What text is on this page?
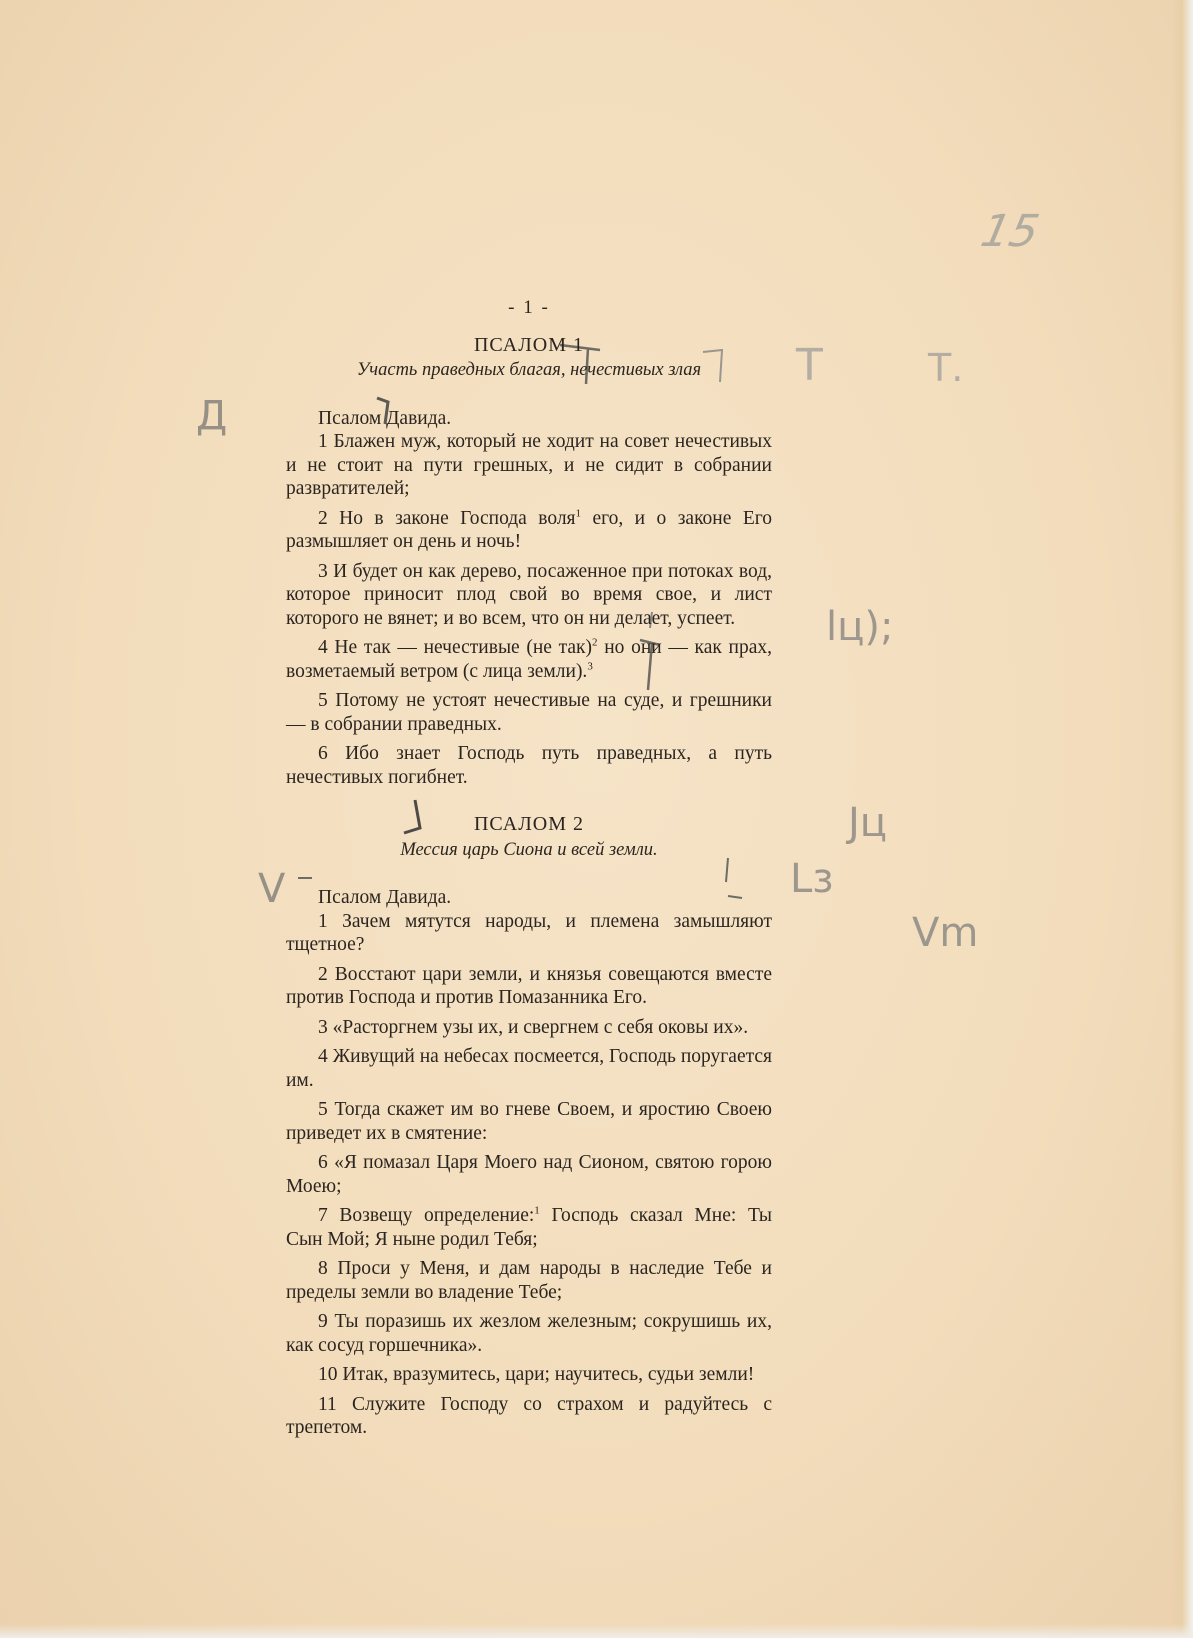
15
Д
V
Т	Т.
lц);
Jц
Lз
Vm
- 1 -

ПСАЛОМ 1

Участь праведных благая, нечестивых злая

Псалом Давида.

1 Блажен муж, который не ходит на совет нечестивых и не стоит на пути грешных, и не сидит в собрании развратителей;

2 Но в законе Господа воля$^1$ его, и о законе Его размышляет он день и ночь!

3 И будет он как дерево, посаженное при потоках вод, которое приносит плод свой во время свое, и лист которого не вянет; и во всем, что он ни делает, успеет.

4 Не так — нечестивые (не так)$^2$ но они — как прах, возметаемый ветром (с лица земли).$^3$

5 Потому не устоят нечестивые на суде, и грешники — в собрании праведных.

6 Ибо знает Господь путь праведных, а путь нечестивых погибнет.

ПСАЛОМ 2

Мессия царь Сиона и всей земли.

Псалом Давида.

1 Зачем мятутся народы, и племена замышляют тщетное?

2 Восстают цари земли, и князья совещаются вместе против Господа и против Помазанника Его.

3 «Расторгнем узы их, и свергнем с себя оковы их».

4 Живущий на небесах посмеется, Господь поругается им.

5 Тогда скажет им во гневе Своем, и яростию Своею приведет их в смятение:

6 «Я помазал Царя Моего над Сионом, святою горою Моею;

7 Возвещу определение:$^1$ Господь сказал Мне: Ты Сын Мой; Я ныне родил Тебя;

8 Проси у Меня, и дам народы в наследие Тебе и пределы земли во владение Тебе;

9 Ты поразишь их жезлом железным; сокрушишь их, как сосуд горшечника».

10 Итак, вразумитесь, цари; научитесь, судьи земли!

11 Служите Господу со страхом и радуйтесь с трепетом.
